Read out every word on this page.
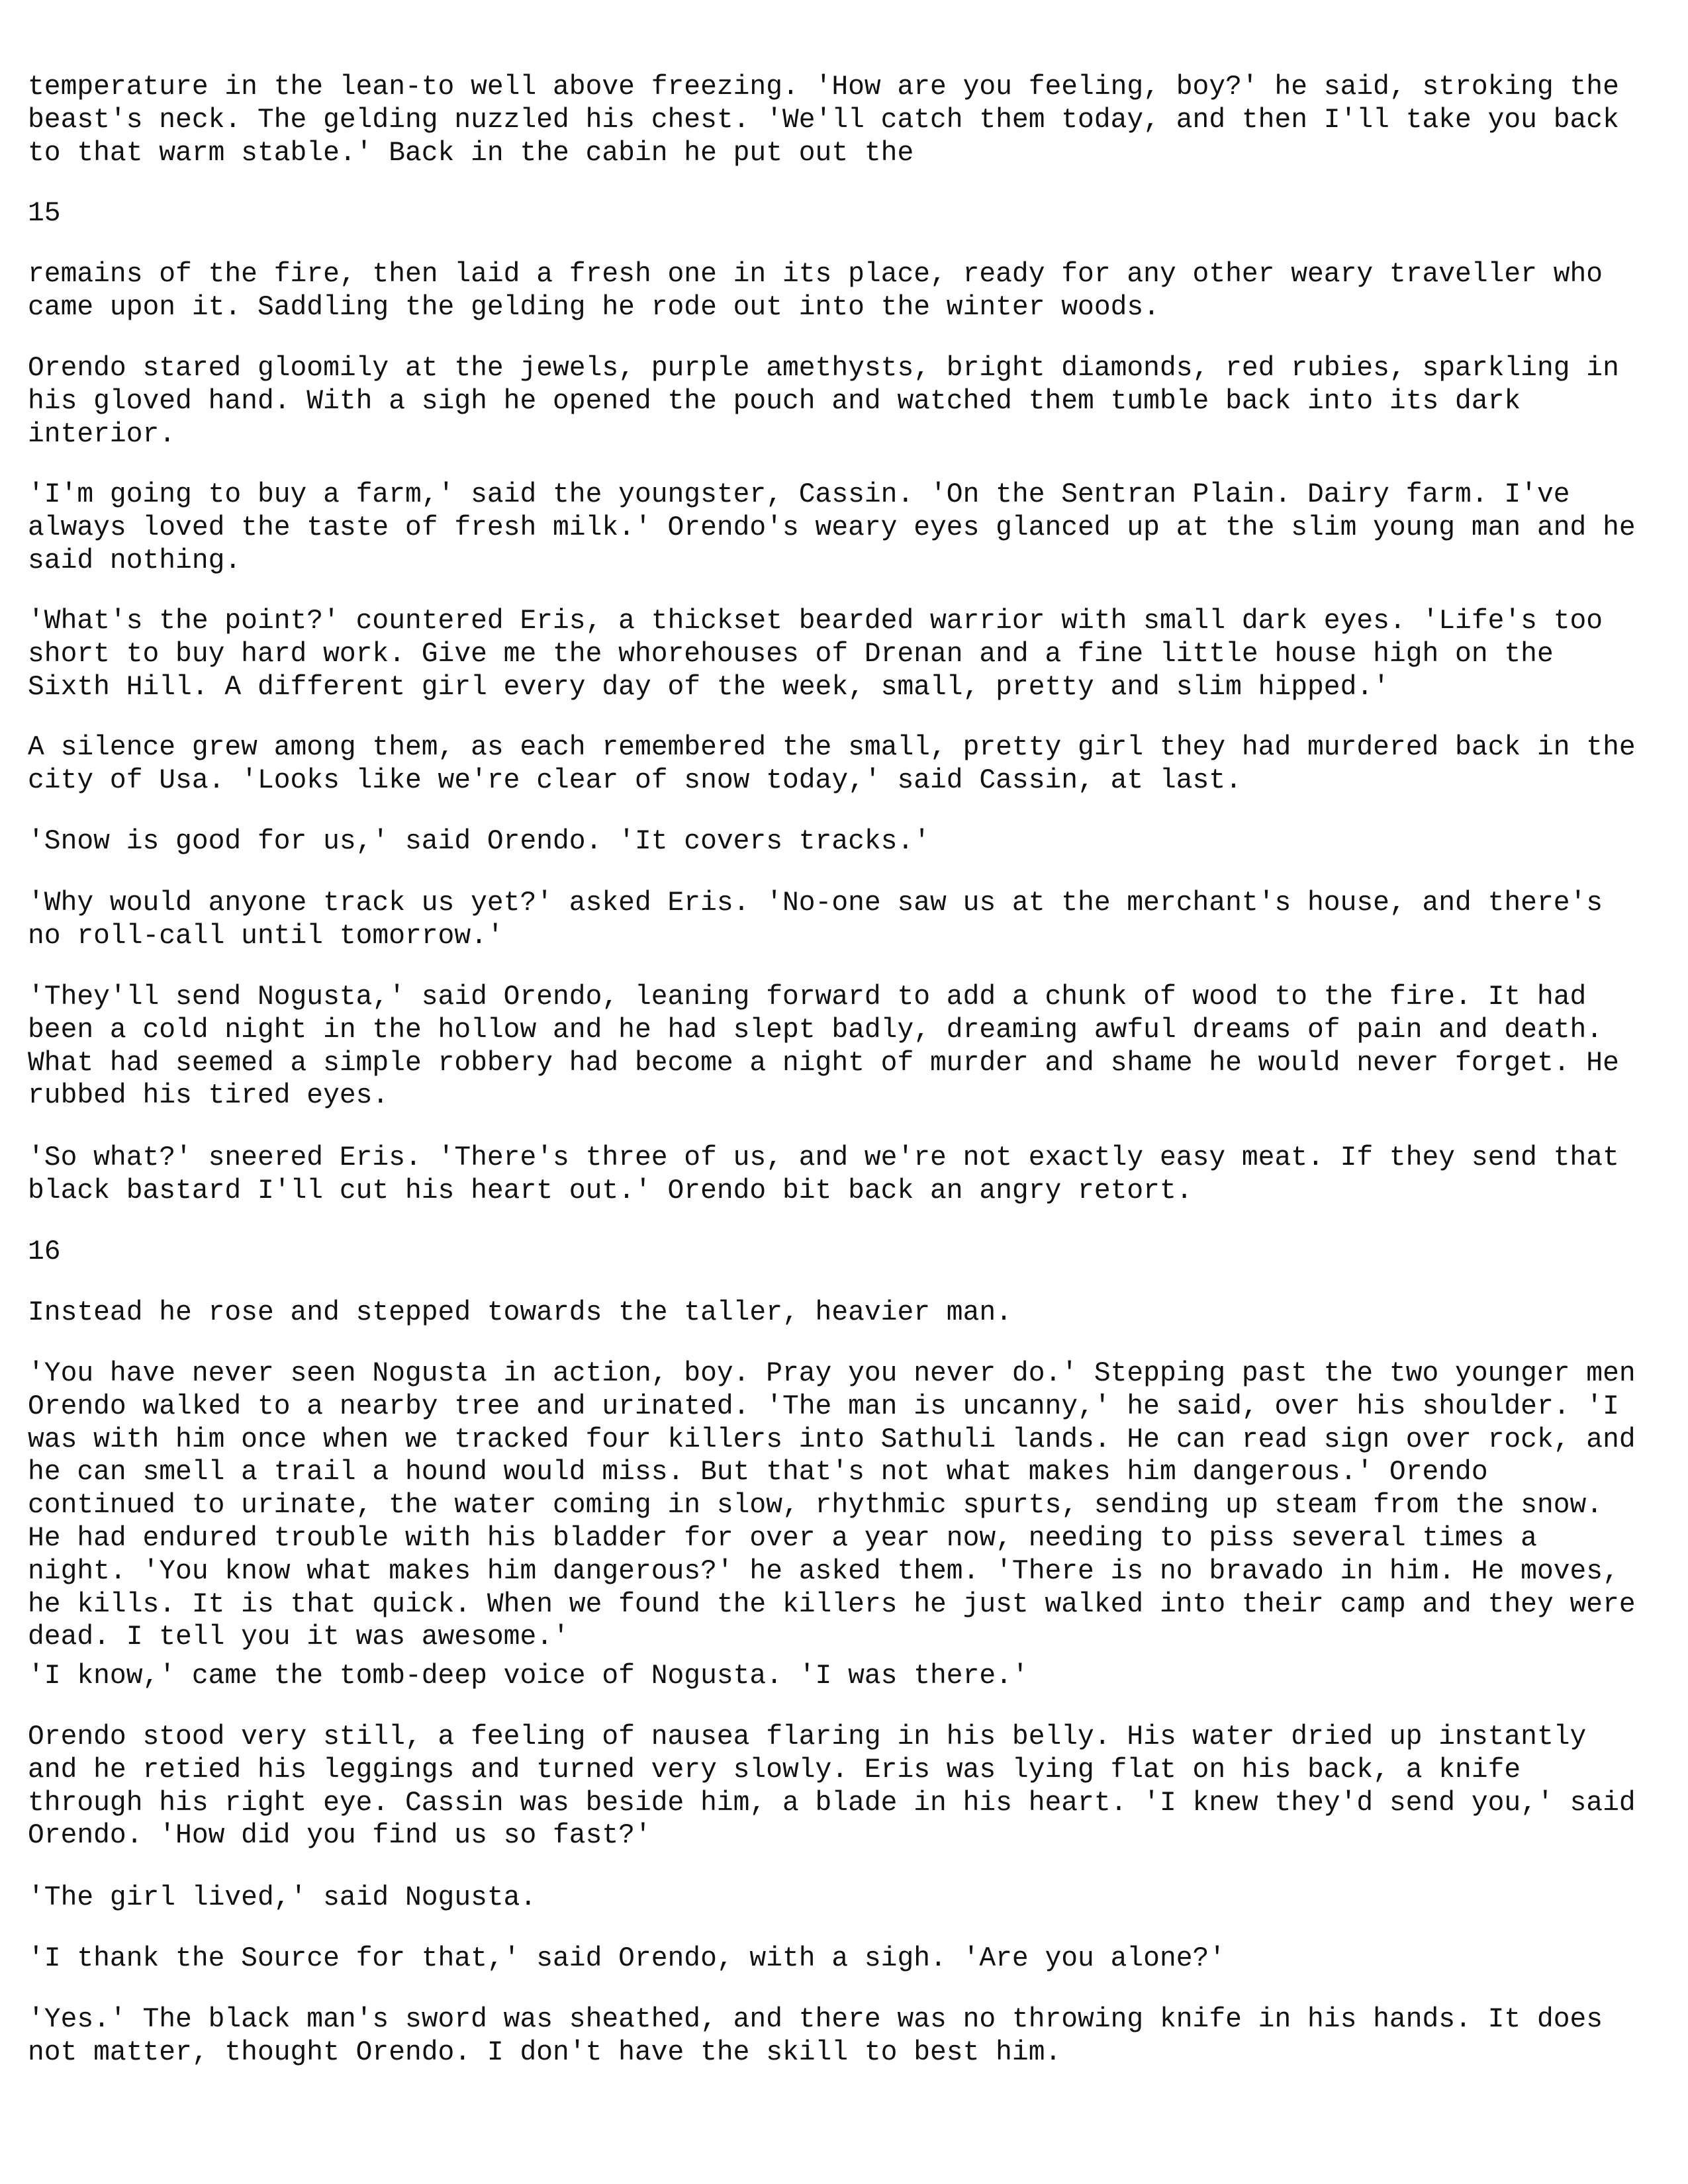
temperature in the lean-to well above freezing. 'How are you feeling, boy?' he said, stroking the
beast's neck. The gelding nuzzled his chest. 'We'll catch them today, and then I'll take you back
to that warm stable.' Back in the cabin he put out the

15

remains of the fire, then laid a fresh one in its place, ready for any other weary traveller who
came upon it. Saddling the gelding he rode out into the winter woods.

Orendo stared gloomily at the jewels, purple amethysts, bright diamonds, red rubies, sparkling in
his gloved hand. With a sigh he opened the pouch and watched them tumble back into its dark
interior.

'I'm going to buy a farm,' said the youngster, Cassin. 'On the Sentran Plain. Dairy farm. I've
always loved the taste of fresh milk.' Orendo's weary eyes glanced up at the slim young man and he
said nothing.

'What's the point?' countered Eris, a thickset bearded warrior with small dark eyes. 'Life's too
short to buy hard work. Give me the whorehouses of Drenan and a fine little house high on the
Sixth Hill. A different girl every day of the week, small, pretty and slim hipped.'

A silence grew among them, as each remembered the small, pretty girl they had murdered back in the
city of Usa. 'Looks like we're clear of snow today,' said Cassin, at last.

'Snow is good for us,' said Orendo. 'It covers tracks.'

'Why would anyone track us yet?' asked Eris. 'No-one saw us at the merchant's house, and there's
no roll-call until tomorrow.'

'They'll send Nogusta,' said Orendo, leaning forward to add a chunk of wood to the fire. It had
been a cold night in the hollow and he had slept badly, dreaming awful dreams of pain and death.
What had seemed a simple robbery had become a night of murder and shame he would never forget. He
rubbed his tired eyes.

'So what?' sneered Eris. 'There's three of us, and we're not exactly easy meat. If they send that
black bastard I'll cut his heart out.' Orendo bit back an angry retort.

16

Instead he rose and stepped towards the taller, heavier man.

'You have never seen Nogusta in action, boy. Pray you never do.' Stepping past the two younger men
Orendo walked to a nearby tree and urinated. 'The man is uncanny,' he said, over his shoulder. 'I
was with him once when we tracked four killers into Sathuli lands. He can read sign over rock, and
he can smell a trail a hound would miss. But that's not what makes him dangerous.' Orendo
continued to urinate, the water coming in slow, rhythmic spurts, sending up steam from the snow.
He had endured trouble with his bladder for over a year now, needing to piss several times a
night. 'You know what makes him dangerous?' he asked them. 'There is no bravado in him. He moves,
he kills. It is that quick. When we found the killers he just walked into their camp and they were
dead. I tell you it was awesome.'

'I know,' came the tomb-deep voice of Nogusta. 'I was there.'

Orendo stood very still, a feeling of nausea flaring in his belly. His water dried up instantly
and he retied his leggings and turned very slowly. Eris was lying flat on his back, a knife
through his right eye. Cassin was beside him, a blade in his heart. 'I knew they'd send you,' said
Orendo. 'How did you find us so fast?'

'The girl lived,' said Nogusta.

'I thank the Source for that,' said Orendo, with a sigh. 'Are you alone?'

'Yes.' The black man's sword was sheathed, and there was no throwing knife in his hands. It does
not matter, thought Orendo. I don't have the skill to best him.
